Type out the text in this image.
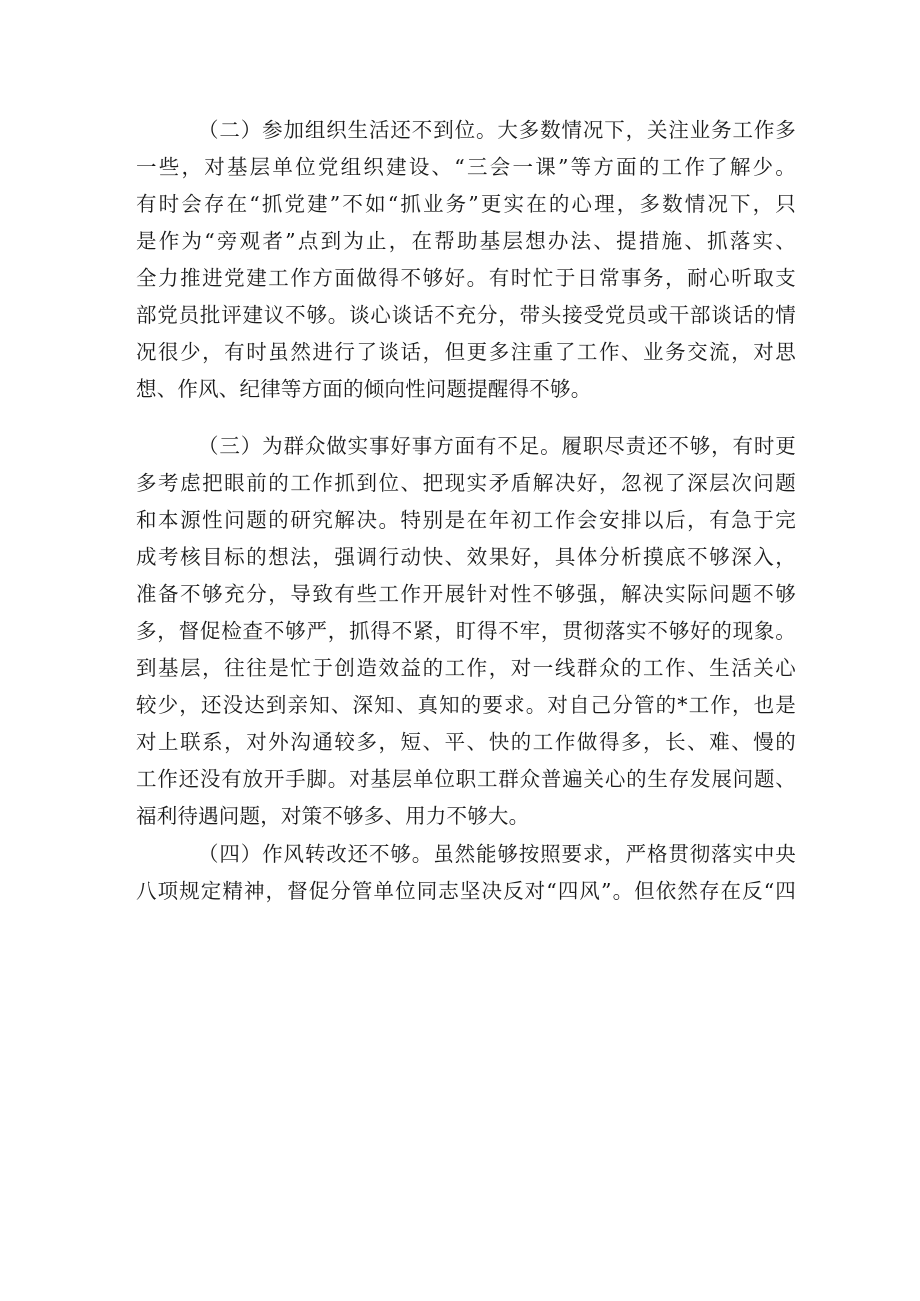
（二）参加组织生活还不到位。大多数情况下，关注业务工作多
一些，对基层单位党组织建设、“三会一课”等方面的工作了解少。
有时会存在“抓党建”不如“抓业务”更实在的心理，多数情况下，只
是作为“旁观者”点到为止，在帮助基层想办法、提措施、抓落实、
全力推进党建工作方面做得不够好。有时忙于日常事务，耐心听取支
部党员批评建议不够。谈心谈话不充分，带头接受党员或干部谈话的情
况很少，有时虽然进行了谈话，但更多注重了工作、业务交流，对思
想、作风、纪律等方面的倾向性问题提醒得不够。
（三）为群众做实事好事方面有不足。履职尽责还不够，有时更
多考虑把眼前的工作抓到位、把现实矛盾解决好，忽视了深层次问题
和本源性问题的研究解决。特别是在年初工作会安排以后，有急于完
成考核目标的想法，强调行动快、效果好，具体分析摸底不够深入，
准备不够充分，导致有些工作开展针对性不够强，解决实际问题不够
多，督促检查不够严，抓得不紧，盯得不牢，贯彻落实不够好的现象。
到基层，往往是忙于创造效益的工作，对一线群众的工作、生活关心
较少，还没达到亲知、深知、真知的要求。对自己分管的*工作，也是
对上联系，对外沟通较多，短、平、快的工作做得多，长、难、慢的
工作还没有放开手脚。对基层单位职工群众普遍关心的生存发展问题、
福利待遇问题，对策不够多、用力不够大。
（四）作风转改还不够。虽然能够按照要求，严格贯彻落实中央
八项规定精神，督促分管单位同志坚决反对“四风”。但依然存在反“四
